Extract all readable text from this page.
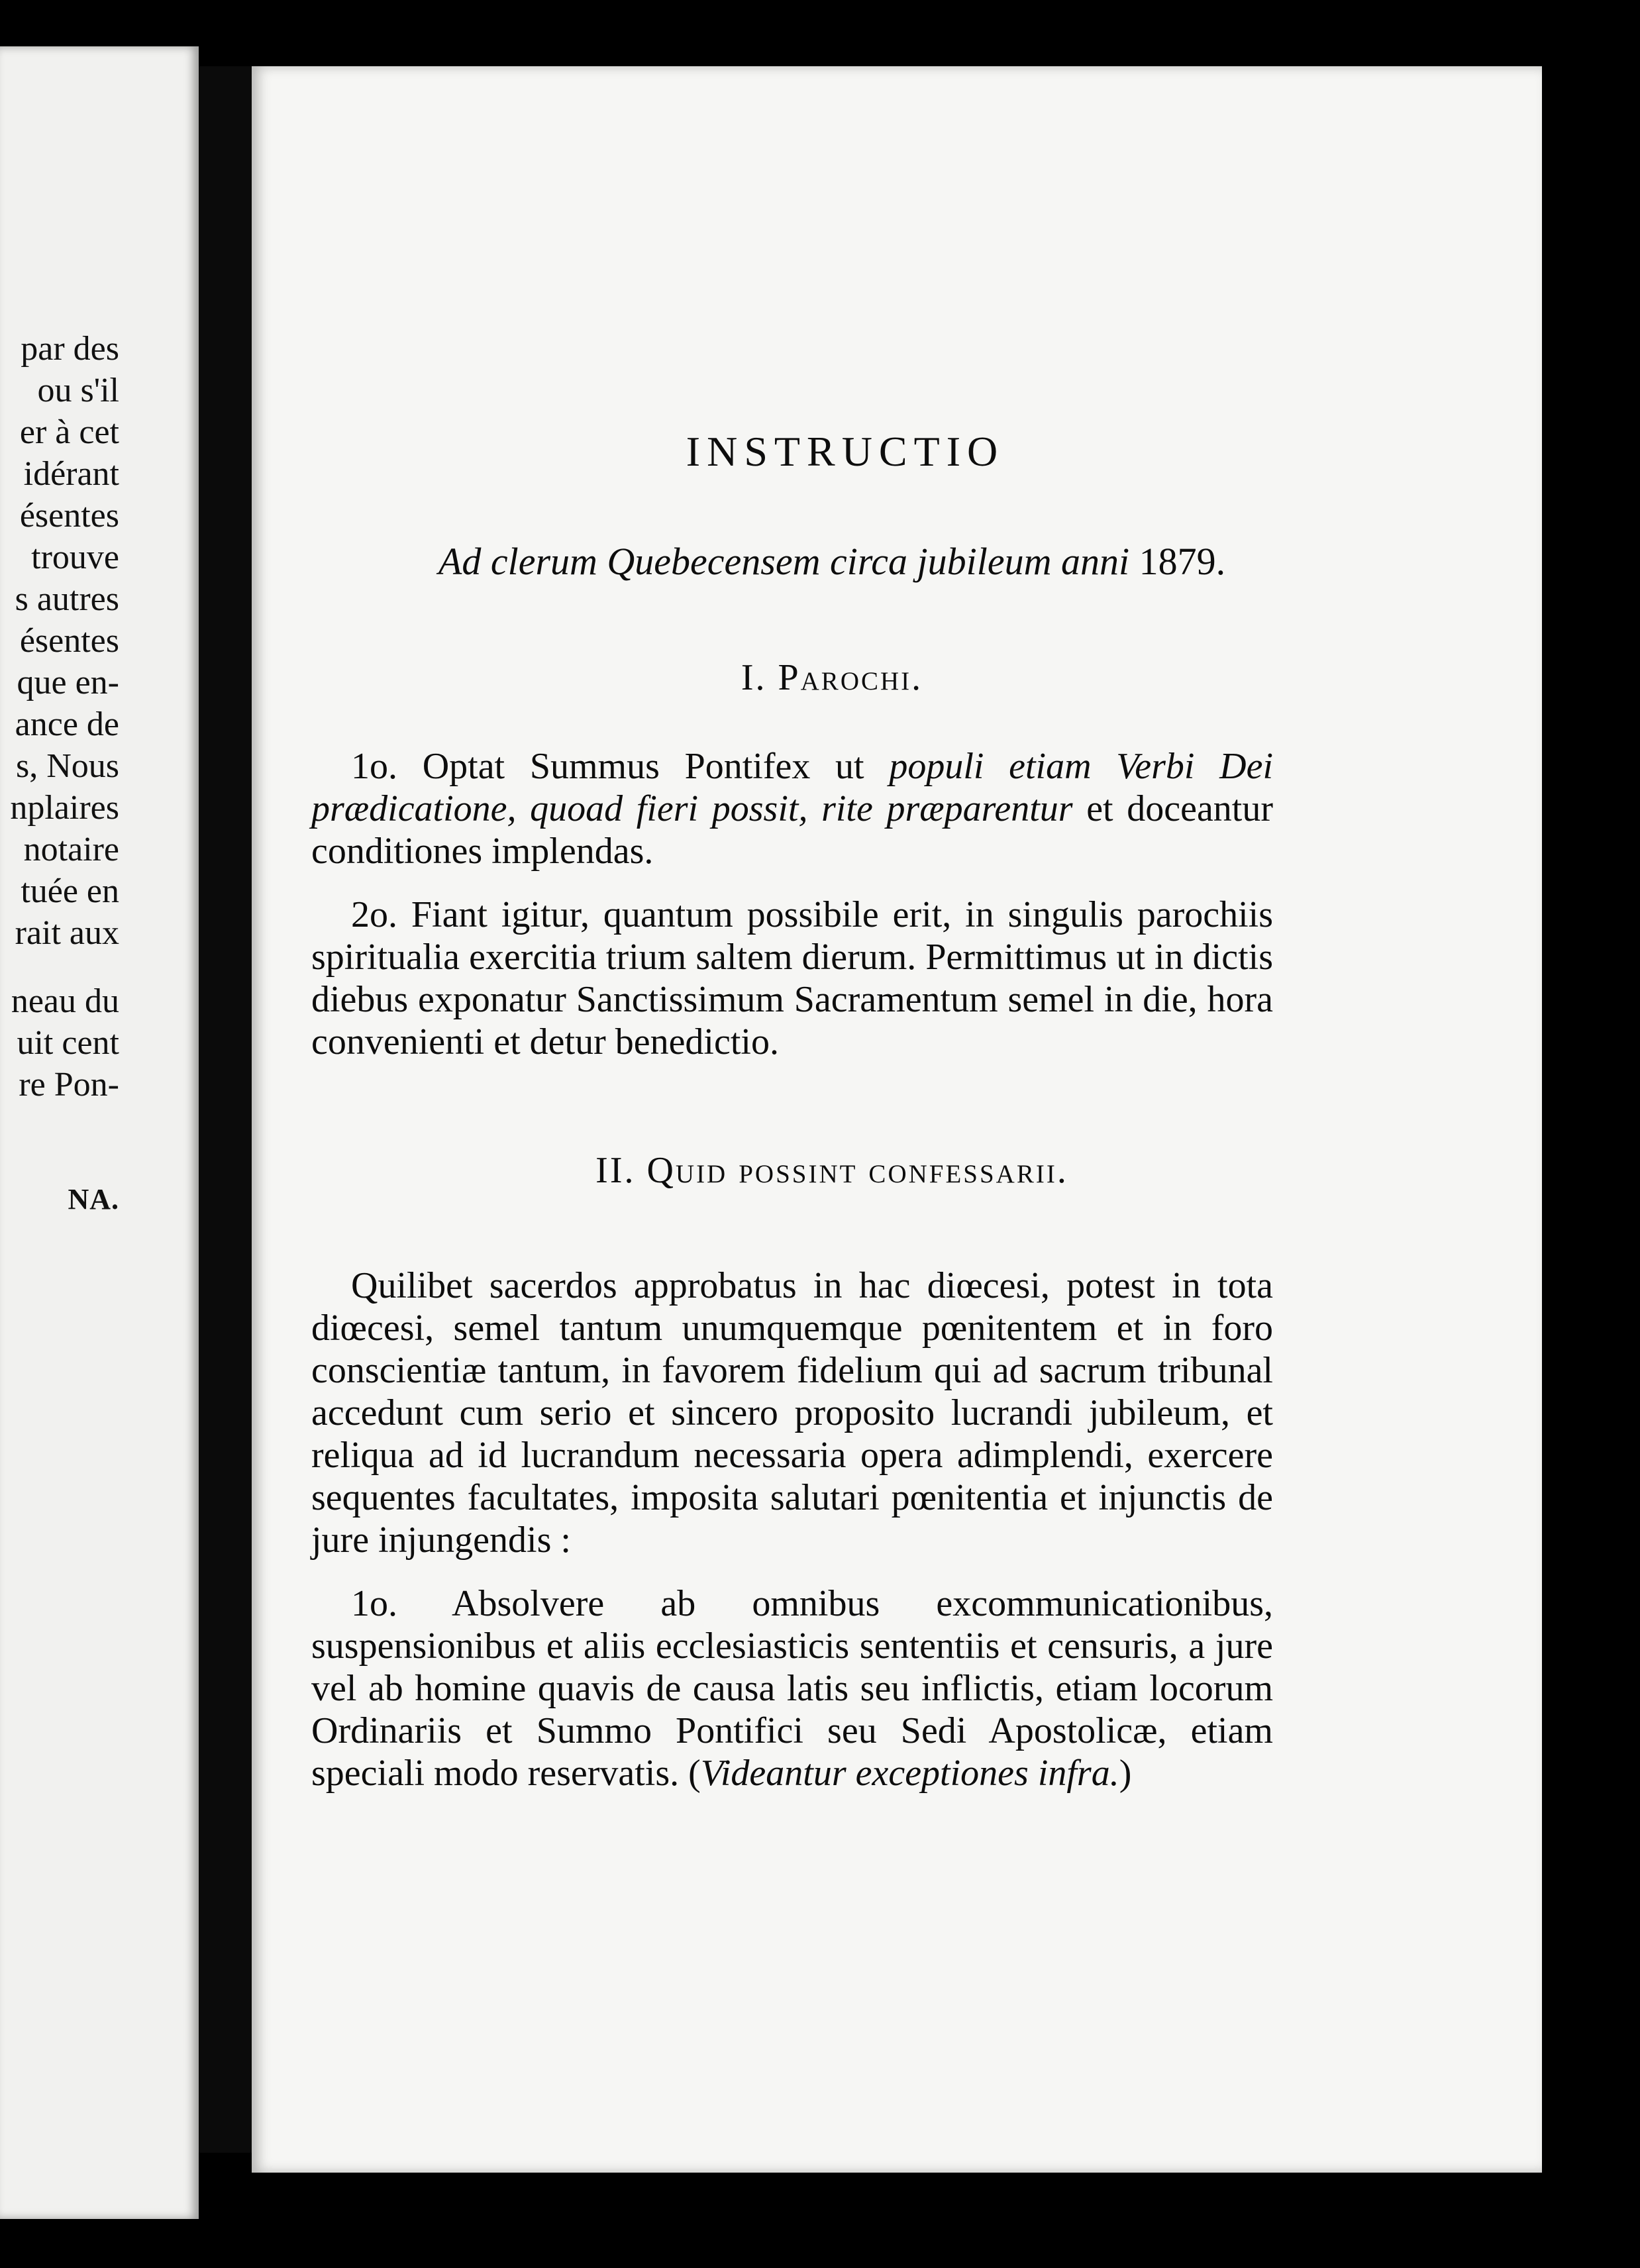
par des
ou s'il
er à cet
idérant
ésentes
trouve
s autres
ésentes
que en-
ance de
s, Nous
nplaires
notaire
tuée en
rait aux
neau du
uit cent
re Pon-
NA.
INSTRUCTIO
Ad clerum Quebecensem circa jubileum anni 1879.
I. Parochi.

1o. Optat Summus Pontifex ut populi etiam Verbi Dei prædicatione, quoad fieri possit, rite præparentur et doceantur conditiones implendas.

2o. Fiant igitur, quantum possibile erit, in singulis parochiis spiritualia exercitia trium saltem dierum. Permittimus ut in dictis diebus exponatur Sanctissimum Sacramentum semel in die, hora convenienti et detur benedictio.

II. Quid possint confessarii.

Quilibet sacerdos approbatus in hac diœcesi, potest in tota diœcesi, semel tantum unumquemque pœnitentem et in foro conscientiæ tantum, in favorem fidelium qui ad sacrum tribunal accedunt cum serio et sincero proposito lucrandi jubileum, et reliqua ad id lucrandum necessaria opera adimplendi, exercere sequentes facultates, imposita salutari pœnitentia et injunctis de jure injungendis :

1o. Absolvere ab omnibus excommunicationibus, suspensionibus et aliis ecclesiasticis sententiis et censuris, a jure vel ab homine quavis de causa latis seu inflictis, etiam locorum Ordinariis et Summo Pontifici seu Sedi Apostolicæ, etiam speciali modo reservatis. (Videantur exceptiones infra.)
